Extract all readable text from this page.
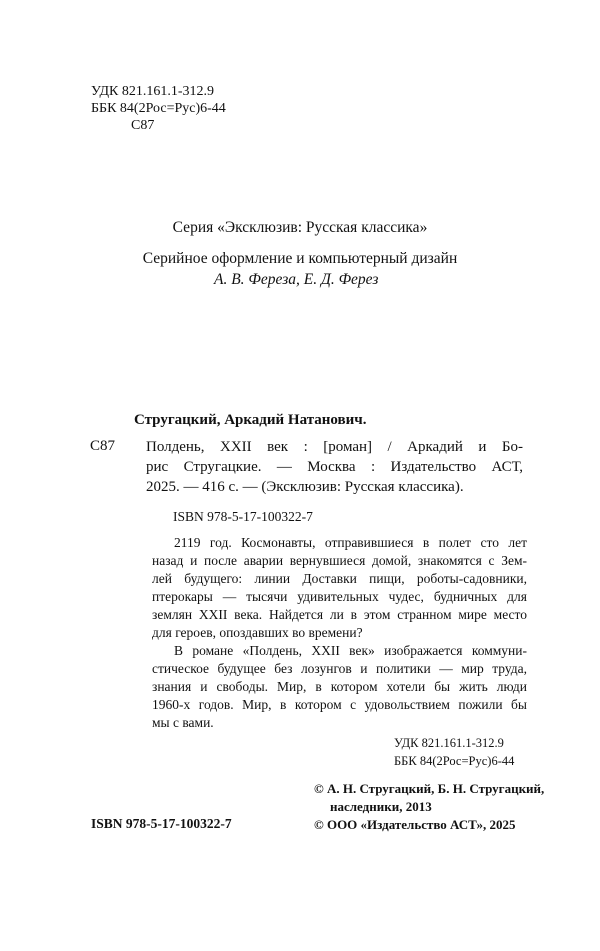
УДК 821.161.1-312.9
ББК 84(2Рос=Рус)6-44
С87
Серия «Эксклюзив: Русская классика»
Серийное оформление и компьютерный дизайн
А. В. Фереза, Е. Д. Ферез
Стругацкий, Аркадий Натанович.
С87 Полдень, XXII век : [роман] / Аркадий и Бо-
рис Стругацкие. — Москва : Издательство АСТ,
2025. — 416 с. — (Эксклюзив: Русская классика).
ISBN 978-5-17-100322-7
2119 год. Космонавты, отправившиеся в полет сто лет
назад и после аварии вернувшиеся домой, знакомятся с Зем-
лей будущего: линии Доставки пищи, роботы-садовники,
птерокары — тысячи удивительных чудес, будничных для
землян XXII века. Найдется ли в этом странном мире место
для героев, опоздавших во времени?
В романе «Полдень, XXII век» изображается коммуни-
стическое будущее без лозунгов и политики — мир труда,
знания и свободы. Мир, в котором хотели бы жить люди
1960-х годов. Мир, в котором с удовольствием пожили бы
мы с вами.
УДК 821.161.1-312.9
ББК 84(2Рос=Рус)6-44
© А. Н. Стругацкий, Б. Н. Стругацкий,
наследники, 2013
ISBN 978-5-17-100322-7	© ООО «Издательство АСТ», 2025
